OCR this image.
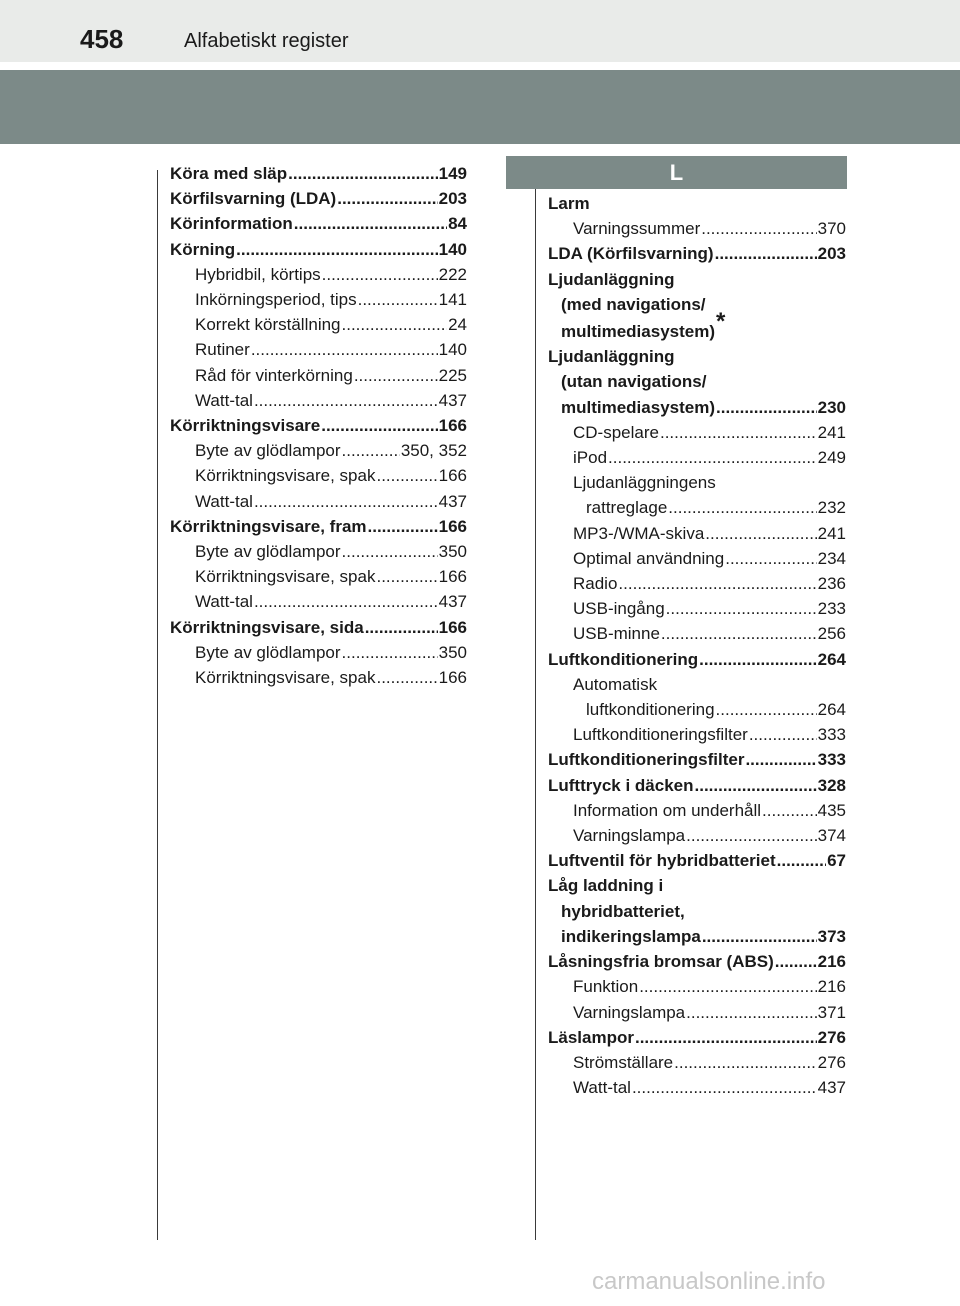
458	Alfabetiskt register
L
Köra med släp .....	149
Körfilsvarning (LDA) .....	203
Körinformation .....	84
Körning .....	140
Hybridbil, körtips .....	222
Inkörningsperiod, tips .....	141
Korrekt körställning .....	24
Rutiner .....	140
Råd för vinterkörning .....	225
Watt-tal .....	437
Körriktningsvisare .....	166
Byte av glödlampor .....	350, 352
Körriktningsvisare, spak .....	166
Watt-tal .....	437
Körriktningsvisare, fram .....	166
Byte av glödlampor .....	350
Körriktningsvisare, spak .....	166
Watt-tal .....	437
Körriktningsvisare, sida .....	166
Byte av glödlampor .....	350
Körriktningsvisare, spak .....	166
Larm
Varningssummer .....	370
LDA (Körfilsvarning) .....	203
Ljudanläggning
(med navigations/
multimediasystem) *
Ljudanläggning
(utan navigations/
multimediasystem) .....	230
CD-spelare .....	241
iPod .....	249
Ljudanläggningens
rattreglage .....	232
MP3-/WMA-skiva .....	241
Optimal användning .....	234
Radio .....	236
USB-ingång .....	233
USB-minne .....	256
Luftkonditionering .....	264
Automatisk
luftkonditionering .....	264
Luftkonditioneringsfilter .....	333
Luftkonditioneringsfilter .....	333
Lufttryck i däcken .....	328
Information om underhåll .....	435
Varningslampa .....	374
Luftventil för hybridbatteriet .....	67
Låg laddning i
hybridbatteriet,
indikeringslampa .....	373
Låsningsfria bromsar (ABS) .....	216
Funktion .....	216
Varningslampa .....	371
Läslampor .....	276
Strömställare .....	276
Watt-tal .....	437
carmanualsonline.info
